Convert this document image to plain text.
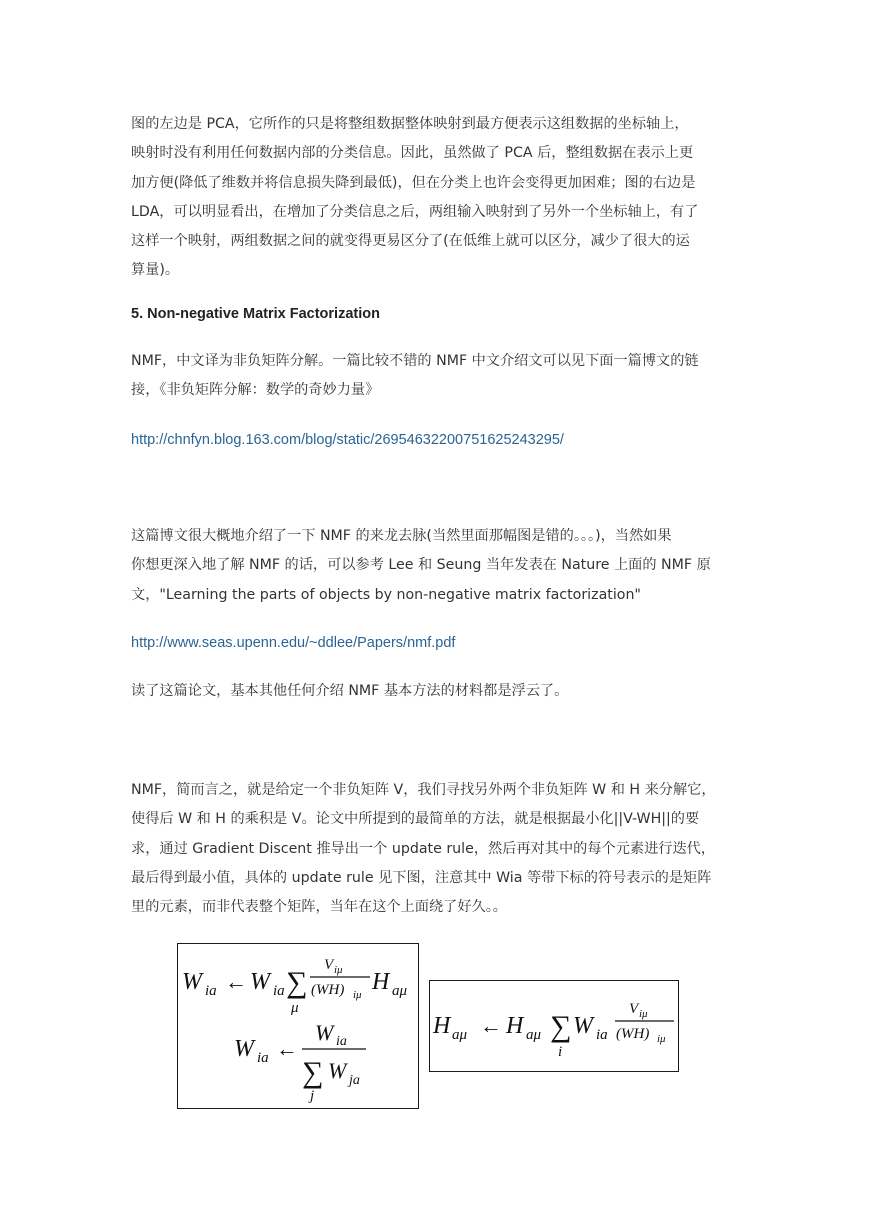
图的左边是 PCA，它所作的只是将整组数据整体映射到最方便表示这组数据的坐标轴上，
映射时没有利用任何数据内部的分类信息。因此，虽然做了 PCA 后，整组数据在表示上更
加方便(降低了维数并将信息损失降到最低)，但在分类上也许会变得更加困难；图的右边是
LDA，可以明显看出，在增加了分类信息之后，两组输入映射到了另外一个坐标轴上，有了
这样一个映射，两组数据之间的就变得更易区分了(在低维上就可以区分，减少了很大的运
算量)。

5. Non-negative Matrix Factorization

NMF，中文译为非负矩阵分解。一篇比较不错的 NMF 中文介绍文可以见下面一篇博文的链
接，《非负矩阵分解：数学的奇妙力量》

http://chnfyn.blog.163.com/blog/static/26954632200751625243295/

这篇博文很大概地介绍了一下 NMF 的来龙去脉(当然里面那幅图是错的。。。)，当然如果
你想更深入地了解 NMF 的话，可以参考 Lee 和 Seung 当年发表在 Nature 上面的 NMF 原
文，"Learning the parts of objects by non-negative matrix factorization"

http://www.seas.upenn.edu/~ddlee/Papers/nmf.pdf

读了这篇论文，基本其他任何介绍 NMF 基本方法的材料都是浮云了。

NMF，简而言之，就是给定一个非负矩阵 V，我们寻找另外两个非负矩阵 W 和 H 来分解它，
使得后 W 和 H 的乘积是 V。论文中所提到的最简单的方法，就是根据最小化||V-WH||的要
求，通过 Gradient Discent 推导出一个 update rule，然后再对其中的每个元素进行迭代，
最后得到最小值，具体的 update rule 见下图，注意其中 Wia 等带下标的符号表示的是矩阵
里的元素，而非代表整个矩阵，当年在这个上面绕了好久。。

W ia ← W ia ∑
μ
V iμ
(WH) iμ H aμ
W ia ←
W ia
∑
j
W ja
H aμ ← H aμ ∑
i
W ia
V iμ
(WH) iμ
